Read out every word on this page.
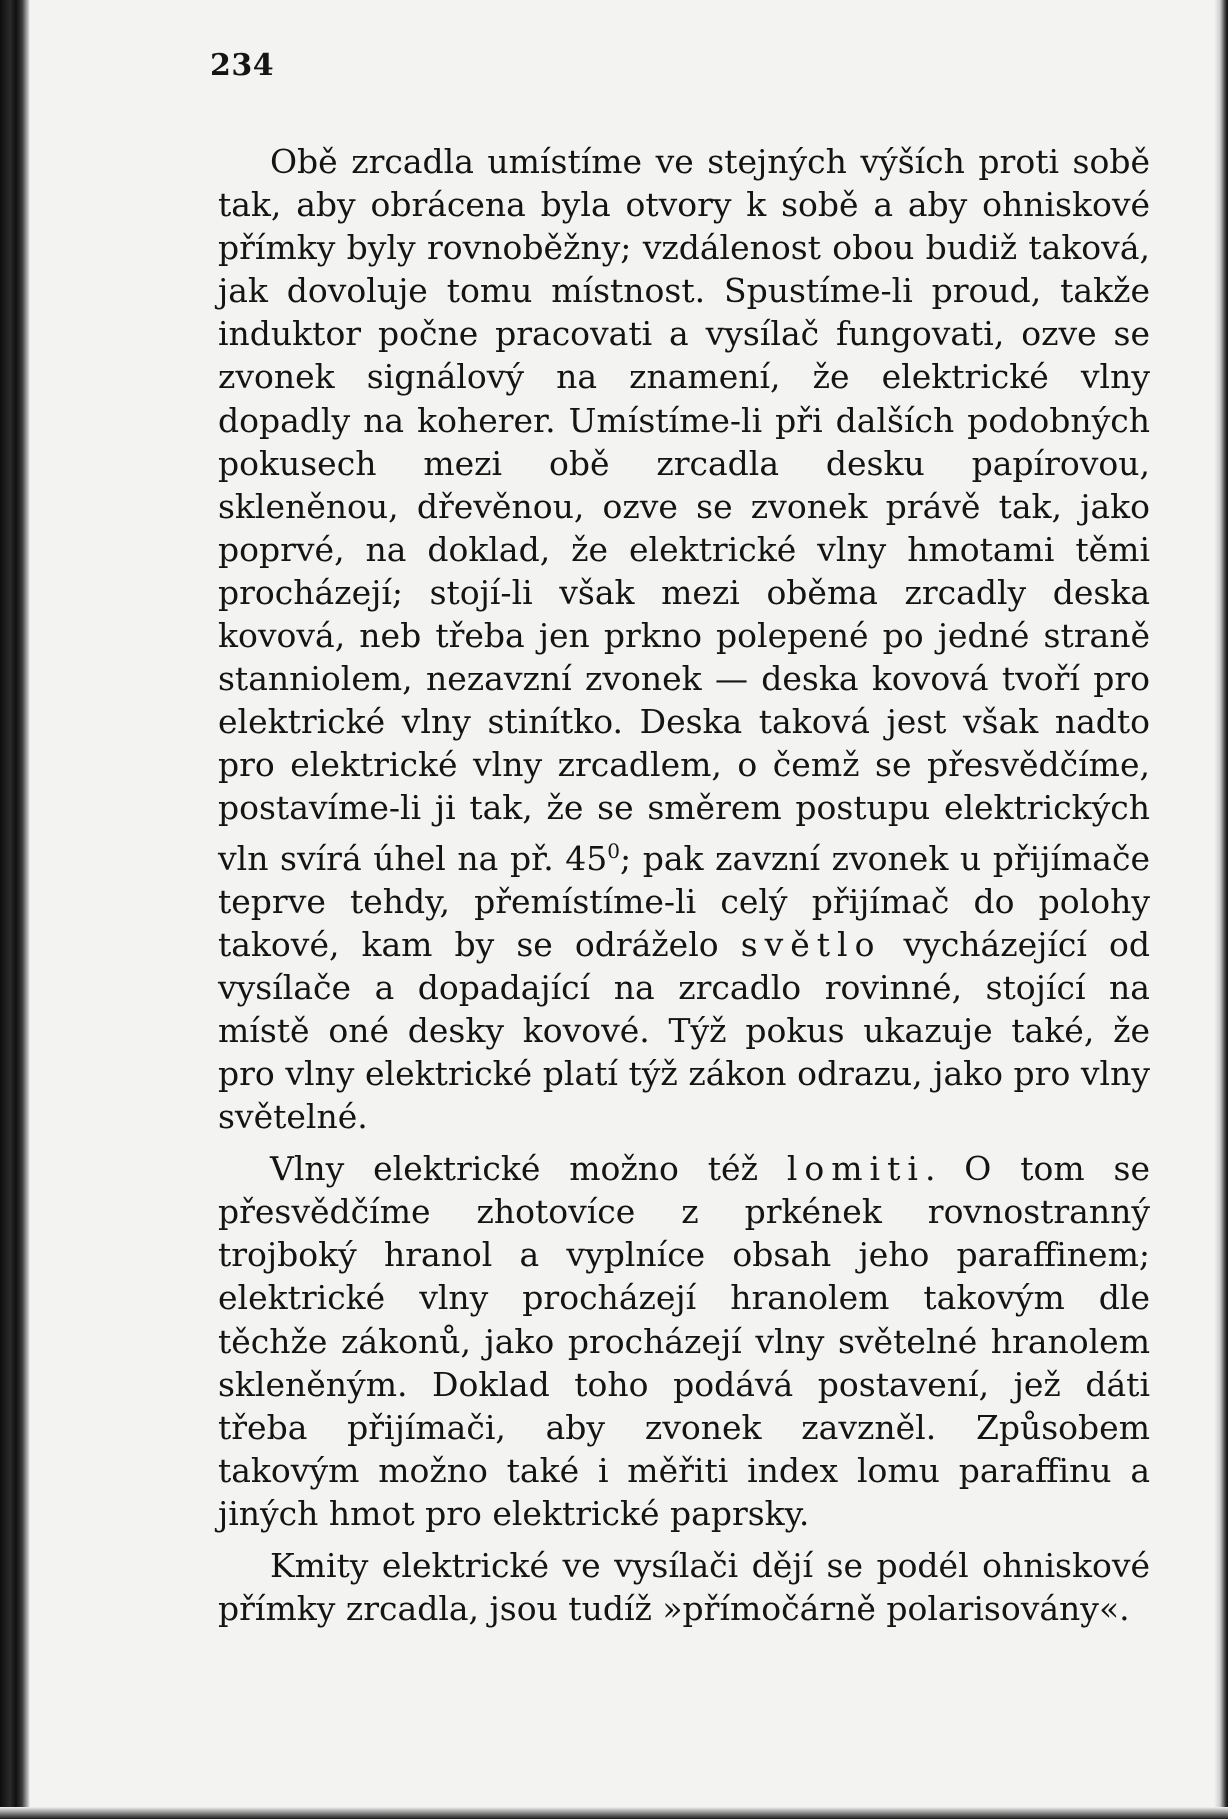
234

Obě zrcadla umístíme ve stejných výších proti sobě tak, aby obrácena byla otvory k sobě a aby ohniskové přímky byly rovnoběžny; vzdálenost obou budiž taková, jak dovoluje tomu místnost. Spustíme-li proud, takže induktor počne pracovati a vysílač fungovati, ozve se zvonek signálový na znamení, že elektrické vlny dopadly na koherer. Umístíme-li při dalších podobných pokusech mezi obě zrcadla desku papírovou, skleněnou, dřevěnou, ozve se zvonek právě tak, jako poprvé, na doklad, že elektrické vlny hmotami těmi procházejí; stojí-li však mezi oběma zrcadly deska kovová, neb třeba jen prkno polepené po jedné straně stanniolem, nezavzní zvonek — deska kovová tvoří pro elektrické vlny stinítko. Deska taková jest však nadto pro elektrické vlny zrcadlem, o čemž se přesvědčíme, postavíme-li ji tak, že se směrem postupu elektrických vln svírá úhel na př. $45^0$; pak zavzní zvonek u přijímače teprve tehdy, přemístíme-li celý přijímač do polohy takové, kam by se odráželo světlo vycházející od vysílače a dopadající na zrcadlo rovinné, stojící na místě oné desky kovové. Týž pokus ukazuje také, že pro vlny elektrické platí týž zákon odrazu, jako pro vlny světelné.

Vlny elektrické možno též lomiti. O tom se přesvědčíme zhotovíce z prkének rovnostranný trojboký hranol a vyplníce obsah jeho paraffinem; elektrické vlny procházejí hranolem takovým dle těchže zákonů, jako procházejí vlny světelné hranolem skleněným. Doklad toho podává postavení, jež dáti třeba přijímači, aby zvonek zavzněl. Způsobem takovým možno také i měřiti index lomu paraffinu a jiných hmot pro elektrické paprsky.

Kmity elektrické ve vysílači dějí se podél ohniskové přímky zrcadla, jsou tudíž »přímočárně polarisovány«.
